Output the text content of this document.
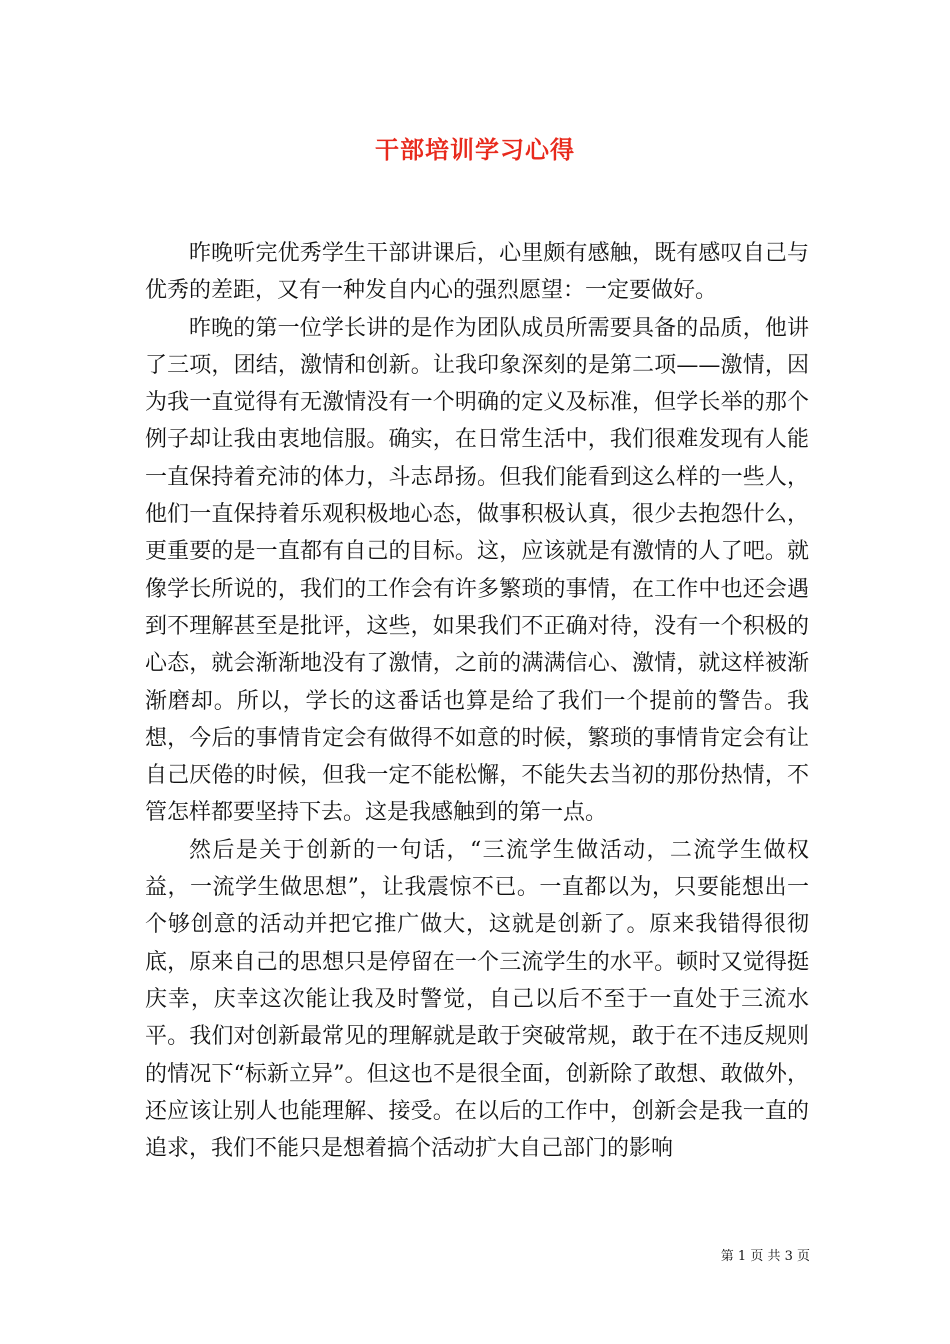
干部培训学习心得

昨晚听完优秀学生干部讲课后，心里颇有感触，既有感叹自己与优秀的差距，又有一种发自内心的强烈愿望：一定要做好。

昨晚的第一位学长讲的是作为团队成员所需要具备的品质，他讲了三项，团结，激情和创新。让我印象深刻的是第二项——激情，因为我一直觉得有无激情没有一个明确的定义及标准，但学长举的那个例子却让我由衷地信服。确实，在日常生活中，我们很难发现有人能一直保持着充沛的体力，斗志昂扬。但我们能看到这么样的一些人，他们一直保持着乐观积极地心态，做事积极认真，很少去抱怨什么，更重要的是一直都有自己的目标。这，应该就是有激情的人了吧。就像学长所说的，我们的工作会有许多繁琐的事情，在工作中也还会遇到不理解甚至是批评，这些，如果我们不正确对待，没有一个积极的心态，就会渐渐地没有了激情，之前的满满信心、激情，就这样被渐渐磨却。所以，学长的这番话也算是给了我们一个提前的警告。我想，今后的事情肯定会有做得不如意的时候，繁琐的事情肯定会有让自己厌倦的时候，但我一定不能松懈，不能失去当初的那份热情，不管怎样都要坚持下去。这是我感触到的第一点。

然后是关于创新的一句话，“三流学生做活动，二流学生做权益，一流学生做思想”，让我震惊不已。一直都以为，只要能想出一个够创意的活动并把它推广做大，这就是创新了。原来我错得很彻底，原来自己的思想只是停留在一个三流学生的水平。顿时又觉得挺庆幸，庆幸这次能让我及时警觉，自己以后不至于一直处于三流水平。我们对创新最常见的理解就是敢于突破常规，敢于在不违反规则的情况下“标新立异”。但这也不是很全面，创新除了敢想、敢做外，还应该让别人也能理解、接受。在以后的工作中，创新会是我一直的追求，我们不能只是想着搞个活动扩大自己部门的影响

第 1 页 共 3 页
